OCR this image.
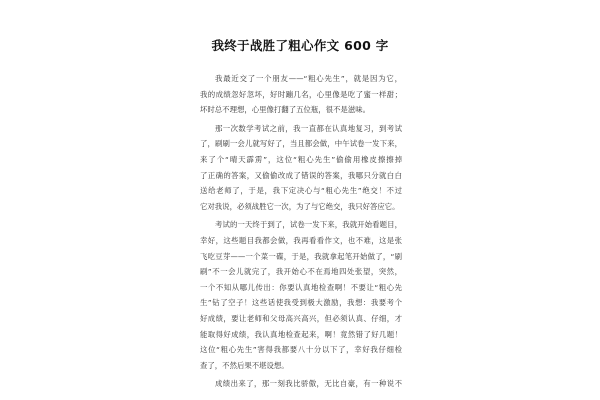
我终于战胜了粗心作文 600 字
我最近交了一个朋友——“粗心先生”，就是因为它，
我的成绩忽好忽坏，好时蹦几名，心里像是吃了蜜一样甜；
坏时总不理想，心里像打翻了五位瓶，很不是滋味。
那一次数学考试之前，我一直都在认真地复习，到考试
了，刷刷一会儿就写好了，当且都会做，中午试卷一发下来，
来了个“晴天霹雳”，这位“粗心先生”偷偷用橡皮擦擦掉
了正确的答案，又偷偷改成了错误的答案，我哪只分就白白
送给老师了，于是，我下定决心与“粗心先生”绝交！不过
它对我说，必须战胜它一次，为了与它绝交，我只好答应它。
考试的一天终于到了，试卷一发下来，我就开始看题目，
幸好，这些题目我都会做，我再看看作文，也不难，这是张
飞吃豆芽——一个菜一碟，于是，我就拿起笔开始做了，“刷
刷”不一会儿就完了，我开始心不在焉地四处张望，突然，
一个不知从哪儿传出：你要认真地检查啊！不要让“粗心先
生”钻了空子！这些话使我受到极大激励，我想：我要考个
好成绩，要让老师和父母高兴高兴，但必须认真、仔细，才
能取得好成绩，我认真地检查起来，啊！竟然错了好几题！
这位“粗心先生”害得我都要八十分以下了，幸好我仔细检
查了，不然后果不堪设想。
成绩出来了，那一刻我比骄傲，无比自豪，有一种说不
